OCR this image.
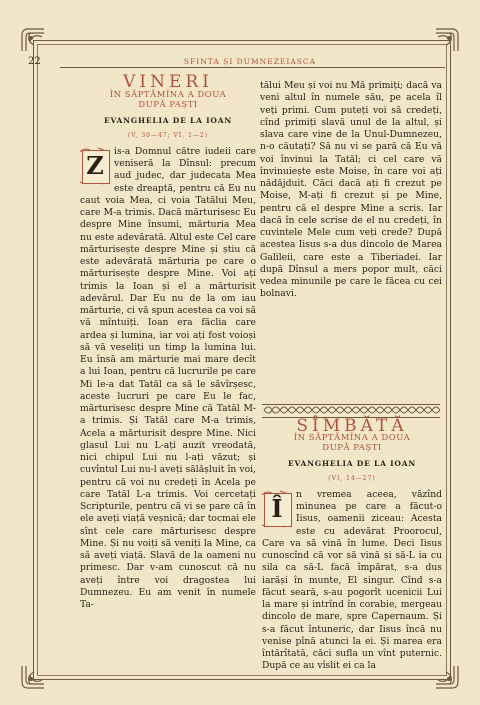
22	SFINTA ȘI DUMNEZEIASCA
VINERI
ÎN SĂPTĂMÎNA A DOUA
DUPĂ PAȘTI
EVANGHELIA DE LA IOAN
(V, 30—47; VI, 1—2)

Z	is-a Domnul către iudeii care veniseră la Dînsul: precum aud judec, dar judecata Mea este dreaptă, pentru că Eu nu caut voia Mea, ci voia Tatălui Meu, care M-a trimis. Dacă mărturisesc Eu despre Mine însumi, mărturia Mea nu este adevărată. Altul este Cel care mărturisește despre Mine și știu că este adevărată mărturia pe care o mărturisește despre Mine. Voi ați trimis la Ioan și el a mărturisit adevărul. Dar Eu nu de la om iau mărturie, ci vă spun acestea ca voi să vă mîntuiți. Ioan era făclia care ardea și lumina, iar voi ați fost voioși să vă veseliți un timp la lumina lui. Eu însă am mărturie mai mare decît a lui Ioan, pentru că lucrurile pe care Mi le-a dat Tatăl ca să le săvîrșesc, aceste lucruri pe care Eu le fac, mărturisesc despre Mine că Tatăl M-a trimis. Și Tatăl care M-a trimis, Acela a mărturisit despre Mine. Nici glasul Lui nu L-ați auzit vreodată, nici chipul Lui nu l-ați văzut; și cuvîntul Lui nu-l aveți sălășluit în voi, pentru că voi nu credeți în Acela pe care Tatăl L-a trimis. Voi cercetați Scripturile, pentru că vi se pare că în ele aveți viață veșnică; dar tocmai ele sînt cele care mărturisesc despre Mine. Și nu voiți să veniți la Mine, ca să aveți viață. Slavă de la oameni nu primesc. Dar v-am cunoscut că nu aveți între voi dragostea lui Dumnezeu. Eu am venit în numele Ta-

tălui Meu și voi nu Mă primiți; dacă va veni altul în numele său, pe acela îl veți primi. Cum puteți voi să credeți, cînd primiți slavă unul de la altul, și slava care vine de la Unul-Dumnezeu, n-o căutați? Să nu vi se pară că Eu vă voi învinui la Tatăl; ci cel care vă învinuiește este Moise, în care voi ați nădăjduit. Căci dacă ați fi crezut pe Moise, M-ați fi crezut și pe Mine, pentru că el despre Mine a scris. Iar dacă în cele scrise de el nu credeți, în cuvintele Mele cum veți crede? După acestea Iisus s-a dus dincolo de Marea Galileii, care este a Tiberiadei. Iar după Dînsul a mers popor mult, căci vedea minunile pe care le făcea cu cei bolnavi.

SÎMBĂTĂ
ÎN SĂPTĂMÎNA A DOUA
DUPĂ PAȘTI
EVANGHELIA DE LA IOAN
(VI, 14—27)

Î	n vremea aceea, văzînd minunea pe care a făcut-o Iisus, oamenii ziceau: Acesta este cu adevărat Proorocul, Care va să vină în lume. Deci Iisus cunoscînd că vor să vină și să-L ia cu sila ca să-L facă împărat, s-a dus iarăși în munte, El singur. Cînd s-a făcut seară, s-au pogorît ucenicii Lui la mare și intrînd în corabie, mergeau dincolo de mare, spre Capernaum. Și s-a făcut întuneric, dar Iisus încă nu venise pînă atunci la ei. Și marea era întărîtată, căci sufla un vînt puternic. După ce au vîslit ei ca la
